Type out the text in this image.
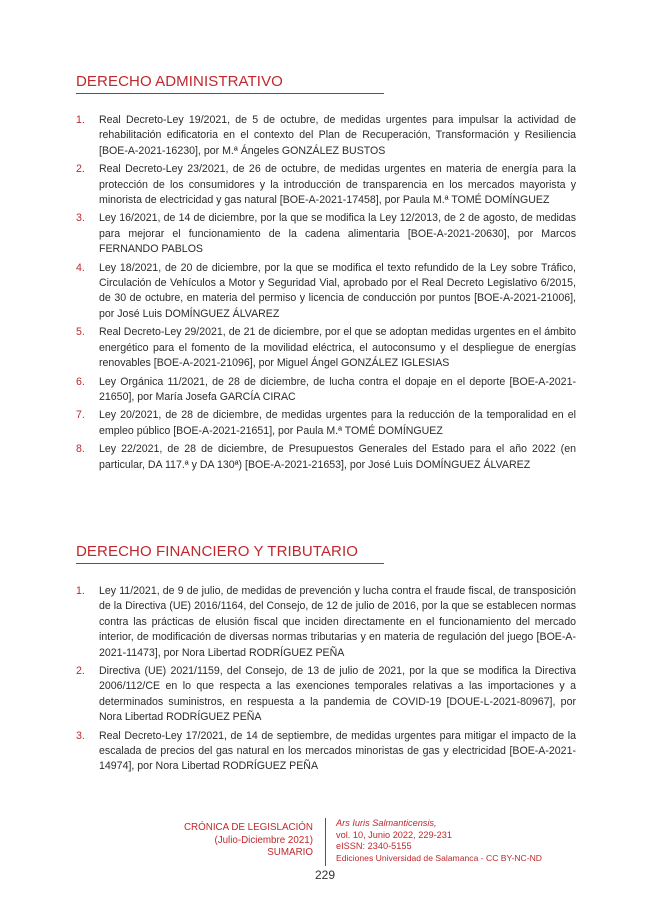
DERECHO ADMINISTRATIVO
1. Real Decreto-Ley 19/2021, de 5 de octubre, de medidas urgentes para impulsar la actividad de rehabilitación edificatoria en el contexto del Plan de Recuperación, Transformación y Resiliencia [BOE-A-2021-16230], por M.ª Ángeles GONZÁLEZ BUSTOS
2. Real Decreto-Ley 23/2021, de 26 de octubre, de medidas urgentes en materia de energía para la protección de los consumidores y la introducción de transparencia en los mercados mayorista y minorista de electricidad y gas natural [BOE-A-2021-17458], por Paula M.ª TOMÉ DOMÍNGUEZ
3. Ley 16/2021, de 14 de diciembre, por la que se modifica la Ley 12/2013, de 2 de agosto, de medidas para mejorar el funcionamiento de la cadena alimentaria [BOE-A-2021-20630], por Marcos FERNANDO PABLOS
4. Ley 18/2021, de 20 de diciembre, por la que se modifica el texto refundido de la Ley sobre Tráfico, Circulación de Vehículos a Motor y Seguridad Vial, aprobado por el Real Decreto Legislativo 6/2015, de 30 de octubre, en materia del permiso y licencia de conducción por puntos [BOE-A-2021-21006], por José Luis DOMÍNGUEZ ÁLVAREZ
5. Real Decreto-Ley 29/2021, de 21 de diciembre, por el que se adoptan medidas urgentes en el ámbito energético para el fomento de la movilidad eléctrica, el autoconsumo y el despliegue de energías renovables [BOE-A-2021-21096], por Miguel Ángel GONZÁLEZ IGLESIAS
6. Ley Orgánica 11/2021, de 28 de diciembre, de lucha contra el dopaje en el deporte [BOE-A-2021-21650], por María Josefa GARCÍA CIRAC
7. Ley 20/2021, de 28 de diciembre, de medidas urgentes para la reducción de la temporalidad en el empleo público [BOE-A-2021-21651], por Paula M.ª TOMÉ DOMÍNGUEZ
8. Ley 22/2021, de 28 de diciembre, de Presupuestos Generales del Estado para el año 2022 (en particular, DA 117.ª y DA 130ª) [BOE-A-2021-21653], por José Luis DOMÍNGUEZ ÁLVAREZ
DERECHO FINANCIERO Y TRIBUTARIO
1. Ley 11/2021, de 9 de julio, de medidas de prevención y lucha contra el fraude fiscal, de transposición de la Directiva (UE) 2016/1164, del Consejo, de 12 de julio de 2016, por la que se establecen normas contra las prácticas de elusión fiscal que inciden directamente en el funcionamiento del mercado interior, de modificación de diversas normas tributarias y en materia de regulación del juego [BOE-A-2021-11473], por Nora Libertad RODRÍGUEZ PEÑA
2. Directiva (UE) 2021/1159, del Consejo, de 13 de julio de 2021, por la que se modifica la Directiva 2006/112/CE en lo que respecta a las exenciones temporales relativas a las importaciones y a determinados suministros, en respuesta a la pandemia de COVID-19 [DOUE-L-2021-80967], por Nora Libertad RODRÍGUEZ PEÑA
3. Real Decreto-Ley 17/2021, de 14 de septiembre, de medidas urgentes para mitigar el impacto de la escalada de precios del gas natural en los mercados minoristas de gas y electricidad [BOE-A-2021-14974], por Nora Libertad RODRÍGUEZ PEÑA
CRÓNICA DE LEGISLACIÓN
(Julio-Diciembre 2021)
SUMARIO
Ars Iuris Salmanticensis,
vol. 10, Junio 2022, 229-231
eISSN: 2340-5155
Ediciones Universidad de Salamanca - CC BY-NC-ND
229
